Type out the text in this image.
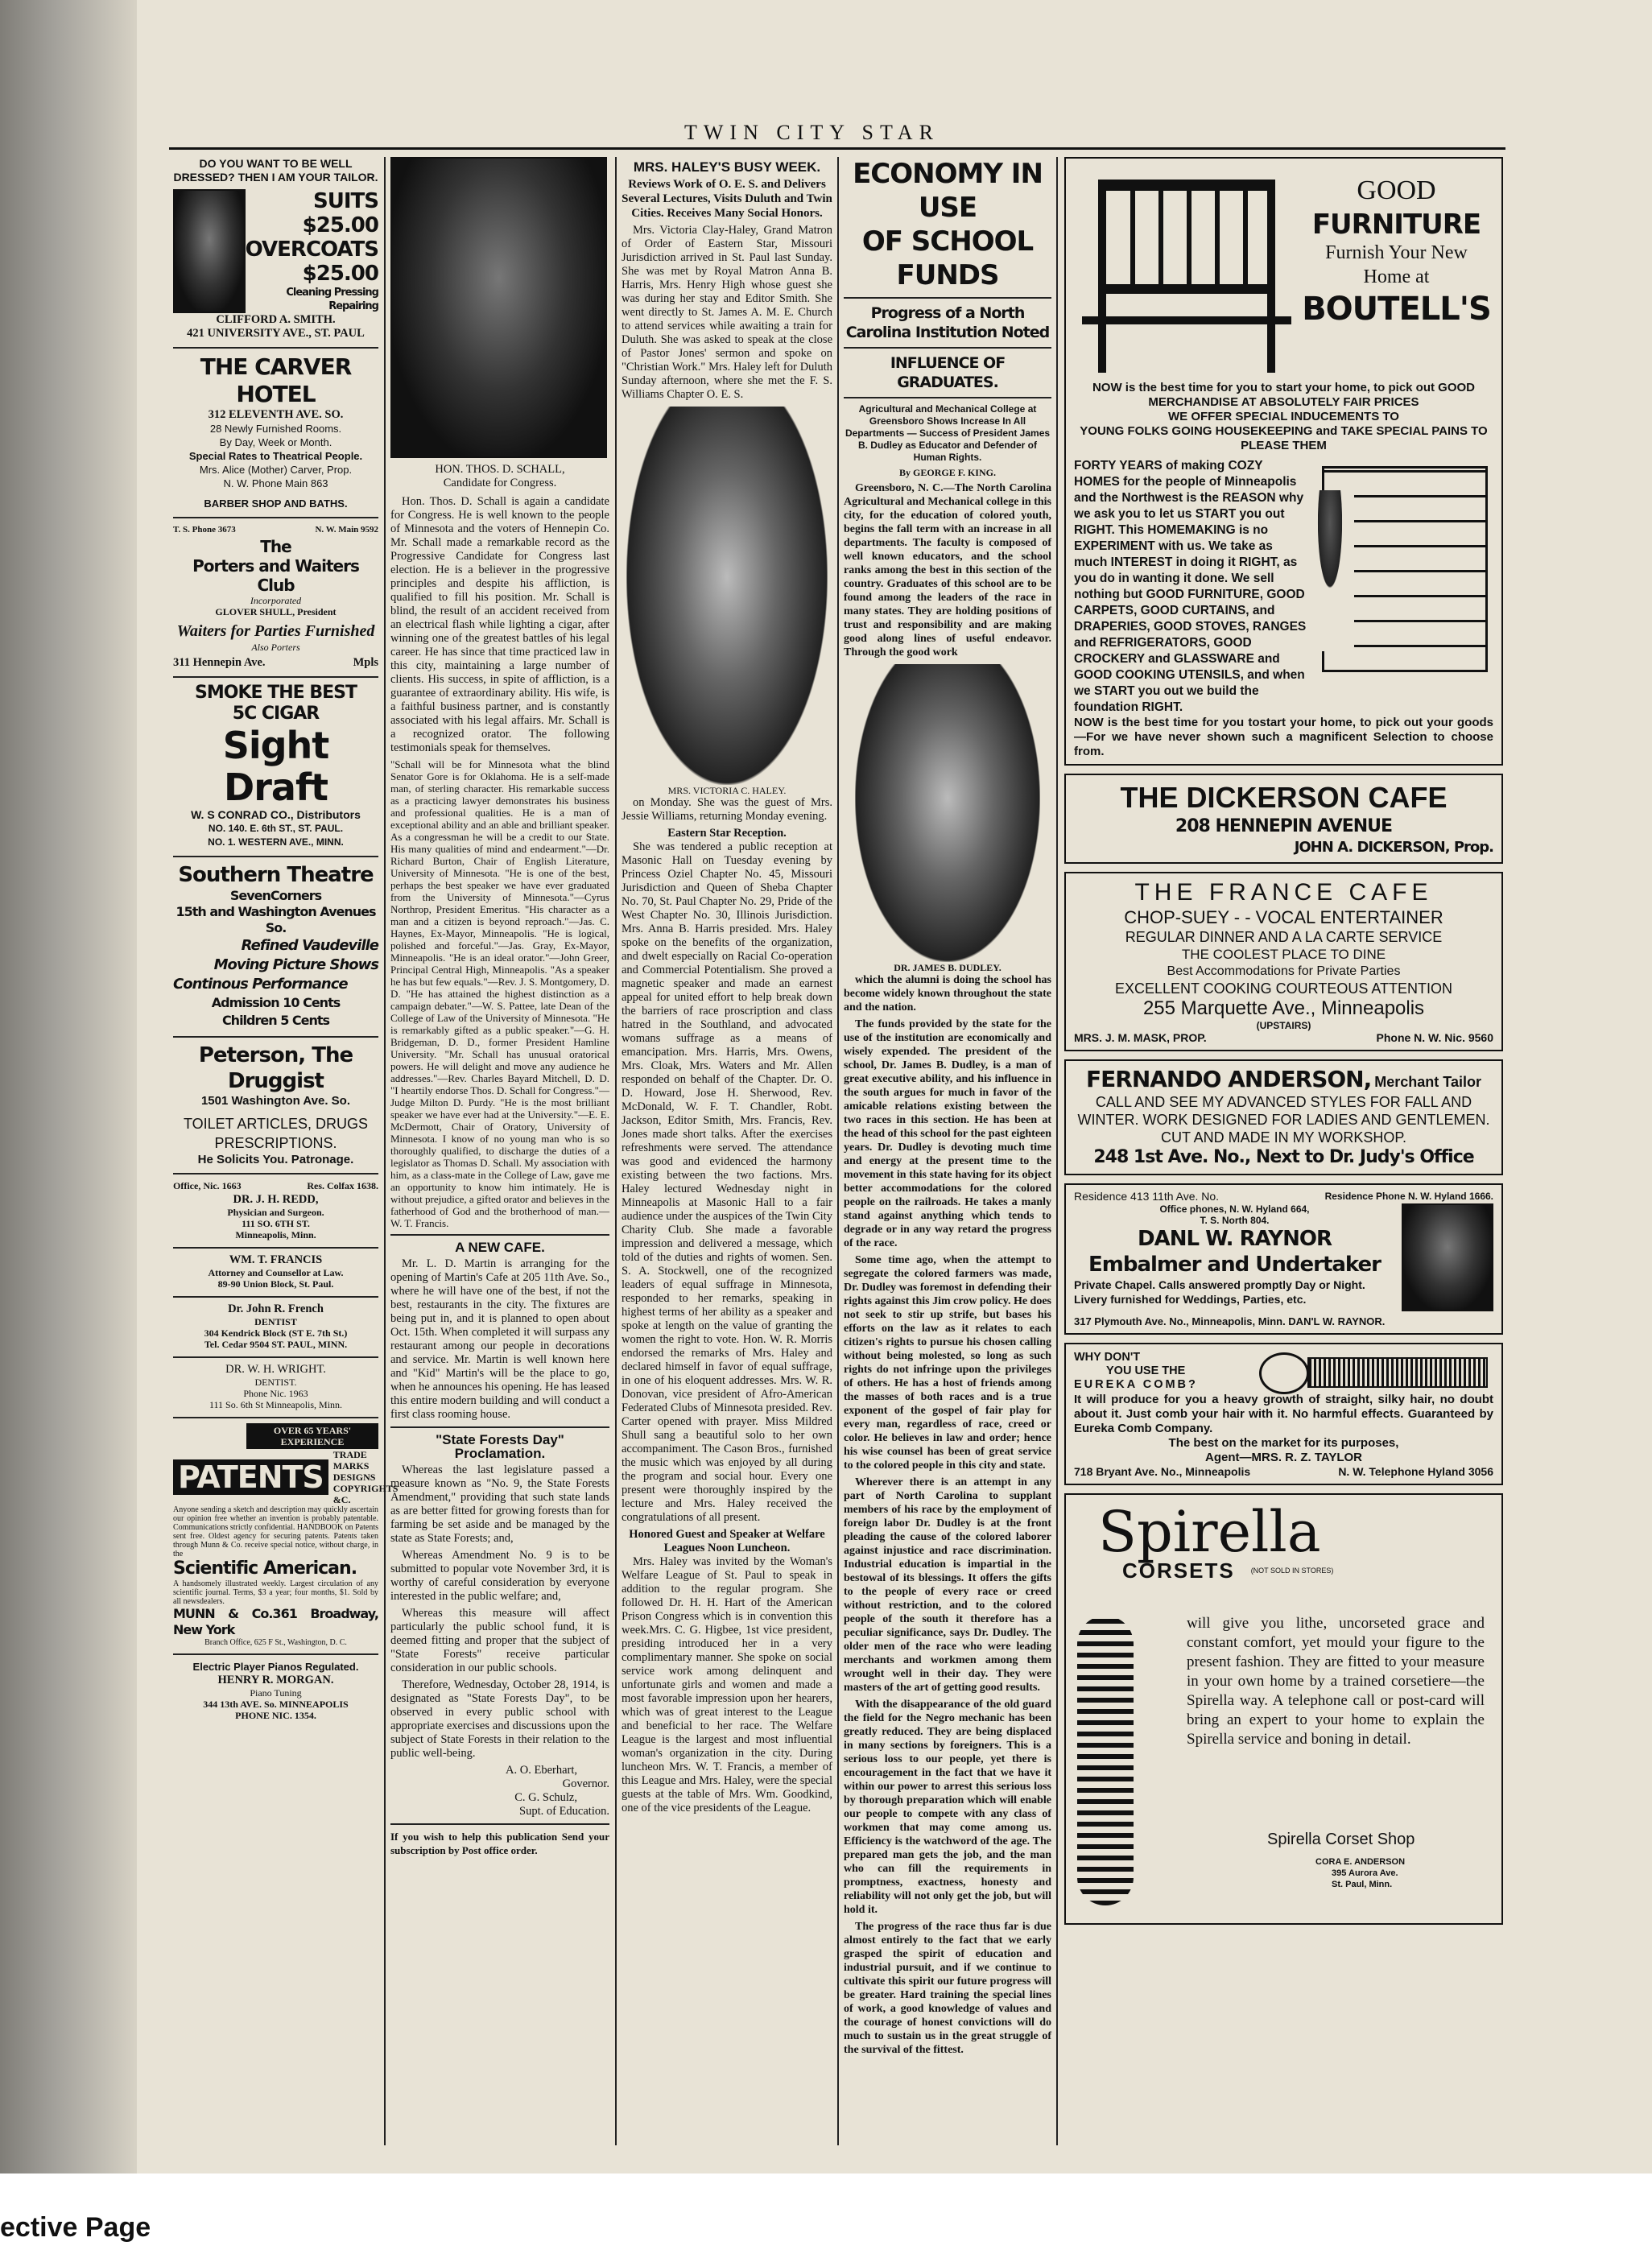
TWIN CITY STAR
DO YOU WANT TO BE WELL DRESSED? THEN I AM YOUR TAILOR.
SUITS
$25.00
OVERCOATS
$25.00
Cleaning Pressing Repairing
CLIFFORD A. SMITH.
421 UNIVERSITY AVE., ST. PAUL
THE CARVER HOTEL
312 ELEVENTH AVE. SO.
28 Newly Furnished Rooms.
By Day, Week or Month.
Special Rates to Theatrical People.
Mrs. Alice (Mother) Carver, Prop.
N. W. Phone Main 863
BARBER SHOP AND BATHS.
T. S. Phone 3673	N. W. Main 9592
The
Porters and Waiters Club
Incorporated
GLOVER SHULL, President
Waiters for Parties Furnished
Also Porters
311 Hennepin Ave.	Mpls
SMOKE THE BEST
5C CIGAR
Sight Draft
W. S CONRAD CO., Distributors
NO. 140. E. 6th ST., ST. PAUL.
NO. 1. WESTERN AVE., MINN.
Southern Theatre
SevenCorners
15th and Washington Avenues So.
Refined Vaudeville
Moving Picture Shows
Continous Performance
Admission 10 Cents
Children 5 Cents
Peterson, The Druggist
1501 Washington Ave. So.
TOILET ARTICLES, DRUGS
PRESCRIPTIONS.
He Solicits You. Patronage.
Office, Nic. 1663	Res. Colfax 1638.
DR. J. H. REDD,
Physician and Surgeon.
111 SO. 6TH ST.
Minneapolis, Minn.
WM. T. FRANCIS
Attorney and Counsellor at Law.
89-90 Union Block, St. Paul.
Dr. John R. French
DENTIST
304 Kendrick Block (ST E. 7th St.)
Tel. Cedar 9504 ST. PAUL, MINN.
DR. W. H. WRIGHT.
DENTIST.
Phone Nic. 1963
111 So. 6th St Minneapolis, Minn.
OVER 65 YEARS' EXPERIENCE
PATENTS
TRADE MARKS DESIGNS COPYRIGHTS &C.
Anyone sending a sketch and description may quickly ascertain our opinion free whether an invention is probably patentable. Communications strictly confidential. HANDBOOK on Patents sent free. Oldest agency for securing patents. Patents taken through Munn & Co. receive special notice, without charge, in the
Scientific American.
A handsomely illustrated weekly. Largest circulation of any scientific journal. Terms, $3 a year; four months, $1. Sold by all newsdealers.
MUNN & Co.361 Broadway, New York
Branch Office, 625 F St., Washington, D. C.
Electric Player Pianos Regulated.
HENRY R. MORGAN.
Piano Tuning
344 13th AVE. So. MINNEAPOLIS
PHONE NIC. 1354.
HON. THOS. D. SCHALL,
Candidate for Congress.

Hon. Thos. D. Schall is again a candidate for Congress. He is well known to the people of Minnesota and the voters of Hennepin Co. Mr. Schall made a remarkable record as the Progressive Candidate for Congress last election. He is a believer in the progressive principles and despite his affliction, is qualified to fill his position. Mr. Schall is blind, the result of an accident received from an electrical flash while lighting a cigar, after winning one of the greatest battles of his legal career. He has since that time practiced law in this city, maintaining a large number of clients. His success, in spite of affliction, is a guarantee of extraordinary ability. His wife, is a faithful business partner, and is constantly associated with his legal affairs. Mr. Schall is a recognized orator. The following testimonials speak for themselves.

"Schall will be for Minnesota what the blind Senator Gore is for Oklahoma. He is a self-made man, of sterling character. His remarkable success as a practicing lawyer demonstrates his business and professional qualities. He is a man of exceptional ability and an able and brilliant speaker. As a congressman he will be a credit to our State. His many qualities of mind and endearment."—Dr. Richard Burton, Chair of English Literature, University of Minnesota. "He is one of the best, perhaps the best speaker we have ever graduated from the University of Minnesota."—Cyrus Northrop, President Emeritus. "His character as a man and a citizen is beyond reproach."—Jas. C. Haynes, Ex-Mayor, Minneapolis. "He is logical, polished and forceful."—Jas. Gray, Ex-Mayor, Minneapolis. "He is an ideal orator."—John Greer, Principal Central High, Minneapolis. "As a speaker he has but few equals."—Rev. J. S. Montgomery, D. D. "He has attained the highest distinction as a campaign debater."—W. S. Pattee, late Dean of the College of Law of the University of Minnesota. "He is remarkably gifted as a public speaker."—G. H. Bridgeman, D. D., former President Hamline University. "Mr. Schall has unusual oratorical powers. He will delight and move any audience he addresses."—Rev. Charles Bayard Mitchell, D. D. "I heartily endorse Thos. D. Schall for Congress."—Judge Milton D. Purdy. "He is the most brilliant speaker we have ever had at the University."—E. E. McDermott, Chair of Oratory, University of Minnesota. I know of no young man who is so thoroughly qualified, to discharge the duties of a legislator as Thomas D. Schall. My association with him, as a class-mate in the College of Law, gave me an opportunity to know him intimately. He is without prejudice, a gifted orator and believes in the fatherhood of God and the brotherhood of man.—W. T. Francis.
A NEW CAFE.

Mr. L. D. Martin is arranging for the opening of Martin's Cafe at 205 11th Ave. So., where he will have one of the best, if not the best, restaurants in the city. The fixtures are being put in, and it is planned to open about Oct. 15th. When completed it will surpass any restaurant among our people in decorations and service. Mr. Martin is well known here and "Kid" Martin's will be the place to go, when he announces his opening. He has leased this entire modern building and will conduct a first class rooming house.

"State Forests Day" Proclamation.

Whereas the last legislature passed a measure known as "No. 9, the State Forests Amendment," providing that such state lands as are better fitted for growing forests than for farming be set aside and be managed by the state as State Forests; and,

Whereas Amendment No. 9 is to be submitted to popular vote November 3rd, it is worthy of careful consideration by everyone interested in the public welfare; and,

Whereas this measure will affect particularly the public school fund, it is deemed fitting and proper that the subject of "State Forests" receive particular consideration in our public schools.

Therefore, Wednesday, October 28, 1914, is designated as "State Forests Day", to be observed in every public school with appropriate exercises and discussions upon the subject of State Forests in their relation to the public well-being.

A. O. Eberhart,
Governor.
C. G. Schulz,
Supt. of Education.
If you wish to help this publication Send your subscription by Post office order.
MRS. HALEY'S BUSY WEEK.
Reviews Work of O. E. S. and Delivers Several Lectures, Visits Duluth and Twin Cities. Receives Many Social Honors.

Mrs. Victoria Clay-Haley, Grand Matron of Order of Eastern Star, Missouri Jurisdiction arrived in St. Paul last Sunday. She was met by Royal Matron Anna B. Harris, Mrs. Henry High whose guest she was during her stay and Editor Smith. She went directly to St. James A. M. E. Church to attend services while awaiting a train for Duluth. She was asked to speak at the close of Pastor Jones' sermon and spoke on "Christian Work." Mrs. Haley left for Duluth Sunday afternoon, where she met the F. S. Williams Chapter O. E. S.

MRS. VICTORIA C. HALEY.

on Monday. She was the guest of Mrs. Jessie Williams, returning Monday evening.

Eastern Star Reception.

She was tendered a public reception at Masonic Hall on Tuesday evening by Princess Oziel Chapter No. 45, Missouri Jurisdiction and Queen of Sheba Chapter No. 70, St. Paul Chapter No. 29, Pride of the West Chapter No. 30, Illinois Jurisdiction. Mrs. Anna B. Harris presided. Mrs. Haley spoke on the benefits of the organization, and dwelt especially on Racial Co-operation and Commercial Potentialism. She proved a magnetic speaker and made an earnest appeal for united effort to help break down the barriers of race proscription and class hatred in the Southland, and advocated womans suffrage as a means of emancipation. Mrs. Harris, Mrs. Owens, Mrs. Cloak, Mrs. Waters and Mr. Allen responded on behalf of the Chapter. Dr. O. D. Howard, Jose H. Sherwood, Rev. McDonald, W. F. T. Chandler, Robt. Jackson, Editor Smith, Mrs. Francis, Rev. Jones made short talks. After the exercises refreshments were served. The attendance was good and evidenced the harmony existing between the two factions. Mrs. Haley lectured Wednesday night in Minneapolis at Masonic Hall to a fair audience under the auspices of the Twin City Charity Club. She made a favorable impression and delivered a message, which told of the duties and rights of women. Sen. S. A. Stockwell, one of the recognized leaders of equal suffrage in Minnesota, responded to her remarks, speaking in highest terms of her ability as a speaker and spoke at length on the value of granting the women the right to vote. Hon. W. R. Morris endorsed the remarks of Mrs. Haley and declared himself in favor of equal suffrage, in one of his eloquent addresses. Mrs. W. R. Donovan, vice president of Afro-American Federated Clubs of Minnesota presided. Rev. Carter opened with prayer. Miss Mildred Shull sang a beautiful solo to her own accompaniment. The Cason Bros., furnished the music which was enjoyed by all during the program and social hour. Every one present were thoroughly inspired by the lecture and Mrs. Haley received the congratulations of all present.

Honored Guest and Speaker at Welfare Leagues Noon Luncheon.

Mrs. Haley was invited by the Woman's Welfare League of St. Paul to speak in addition to the regular program. She followed Dr. H. H. Hart of the American Prison Congress which is in convention this week.Mrs. C. G. Higbee, 1st vice president, presiding introduced her in a very complimentary manner. She spoke on social service work among delinquent and unfortunate girls and women and made a most favorable impression upon her hearers, which was of great interest to the League and beneficial to her race. The Welfare League is the largest and most influential woman's organization in the city. During luncheon Mrs. W. T. Francis, a member of this League and Mrs. Haley, were the special guests at the table of Mrs. Wm. Goodkind, one of the vice presidents of the League.

ECONOMY IN USE
OF SCHOOL FUNDS
Progress of a North Carolina Institution Noted
INFLUENCE OF GRADUATES.
Agricultural and Mechanical College at Greensboro Shows Increase In All Departments — Success of President James B. Dudley as Educator and Defender of Human Rights.
By GEORGE F. KING.

Greensboro, N. C.—The North Carolina Agricultural and Mechanical college in this city, for the education of colored youth, begins the fall term with an increase in all departments. The faculty is composed of well known educators, and the school ranks among the best in this section of the country. Graduates of this school are to be found among the leaders of the race in many states. They are holding positions of trust and responsibility and are making good along lines of useful endeavor. Through the good work

DR. JAMES B. DUDLEY.

which the alumni is doing the school has become widely known throughout the state and the nation.

The funds provided by the state for the use of the institution are economically and wisely expended. The president of the school, Dr. James B. Dudley, is a man of great executive ability, and his influence in the south argues for much in favor of the amicable relations existing between the two races in this section. He has been at the head of this school for the past eighteen years. Dr. Dudley is devoting much time and energy at the present time to the movement in this state having for its object better accommodations for the colored people on the railroads. He takes a manly stand against anything which tends to degrade or in any way retard the progress of the race.

Some time ago, when the attempt to segregate the colored farmers was made, Dr. Dudley was foremost in defending their rights against this Jim crow policy. He does not seek to stir up strife, but bases his efforts on the law as it relates to each citizen's rights to pursue his chosen calling without being molested, so long as such rights do not infringe upon the privileges of others. He has a host of friends among the masses of both races and is a true exponent of the gospel of fair play for every man, regardless of race, creed or color. He believes in law and order; hence his wise counsel has been of great service to the colored people in this city and state.

Wherever there is an attempt in any part of North Carolina to supplant members of his race by the employment of foreign labor Dr. Dudley is at the front pleading the cause of the colored laborer against injustice and race discrimination. Industrial education is impartial in the bestowal of its blessings. It offers the gifts to the people of every race or creed without restriction, and to the colored people of the south it therefore has a peculiar significance, says Dr. Dudley. The older men of the race who were leading merchants and workmen among them wrought well in their day. They were masters of the art of getting good results.

With the disappearance of the old guard the field for the Negro mechanic has been greatly reduced. They are being displaced in many sections by foreigners. This is a serious loss to our people, yet there is encouragement in the fact that we have it within our power to arrest this serious loss by thorough preparation which will enable our people to compete with any class of workmen that may come among us. Efficiency is the watchword of the age. The prepared man gets the job, and the man who can fill the requirements in promptness, exactness, honesty and reliability will not only get the job, but will hold it.

The progress of the race thus far is due almost entirely to the fact that we early grasped the spirit of education and industrial pursuit, and if we continue to cultivate this spirit our future progress will be greater. Hard training the special lines of work, a good knowledge of values and the courage of honest convictions will do much to sustain us in the great struggle of the survival of the fittest.

GOOD
FURNITURE
Furnish Your New
Home at
BOUTELL'S
NOW is the best time for you to start your home, to pick out GOOD MERCHANDISE AT ABSOLUTELY FAIR PRICES
WE OFFER SPECIAL INDUCEMENTS TO
YOUNG FOLKS GOING HOUSEKEEPING and TAKE SPECIAL PAINS TO PLEASE THEM
FORTY YEARS of making COZY HOMES for the people of Minneapolis and the Northwest is the REASON why we ask you to let us START you out RIGHT. This HOMEMAKING is no EXPERIMENT with us. We take as much INTEREST in doing it RIGHT, as you do in wanting it done. We sell nothing but GOOD FURNITURE, GOOD CARPETS, GOOD CURTAINS, and DRAPERIES, GOOD STOVES, RANGES and REFRIGERATORS, GOOD CROCKERY and GLASSWARE and GOOD COOKING UTENSILS, and when we START you out we build the foundation RIGHT.
NOW is the best time for you tostart your home, to pick out your goods—For we have never shown such a magnificent Selection to choose from.
THE DICKERSON CAFE
208 HENNEPIN AVENUE
JOHN A. DICKERSON, Prop.
THE FRANCE CAFE
CHOP-SUEY - - VOCAL ENTERTAINER
REGULAR DINNER AND A LA CARTE SERVICE
THE COOLEST PLACE TO DINE
Best Accommodations for Private Parties
EXCELLENT COOKING COURTEOUS ATTENTION
255 Marquette Ave., Minneapolis
(UPSTAIRS)
MRS. J. M. MASK, PROP.	Phone N. W. Nic. 9560
FERNANDO ANDERSON, Merchant Tailor
CALL AND SEE MY ADVANCED STYLES FOR FALL AND WINTER. WORK DESIGNED FOR LADIES AND GENTLEMEN. CUT AND MADE IN MY WORKSHOP.
248 1st Ave. No., Next to Dr. Judy's Office
Residence 413 11th Ave. No.	Residence Phone N. W. Hyland 1666.
Office phones, N. W. Hyland 664,
T. S. North 804.
DANL W. RAYNOR
Embalmer and Undertaker
Private Chapel. Calls answered promptly Day or Night. Livery furnished for Weddings, Parties, etc.
317 Plymouth Ave. No., Minneapolis, Minn. DAN'L W. RAYNOR.
WHY DON'T
YOU USE THE
EUREKA COMB?
It will produce for you a heavy growth of straight, silky hair, no doubt about it. Just comb your hair with it. No harmful effects. Guaranteed by Eureka Comb Company.
The best on the market for its purposes,
Agent—MRS. R. Z. TAYLOR
718 Bryant Ave. No., Minneapolis	N. W. Telephone Hyland 3056
Spirella
CORSETS (NOT SOLD IN STORES)
will give you lithe, uncorseted grace and constant comfort, yet mould your figure to the present fashion. They are fitted to your measure in your own home by a trained corsetiere—the Spirella way. A telephone call or post-card will bring an expert to your home to explain the Spirella service and boning in detail.
Spirella Corset Shop
CORA E. ANDERSON
395 Aurora Ave.
St. Paul, Minn.
ective Page
